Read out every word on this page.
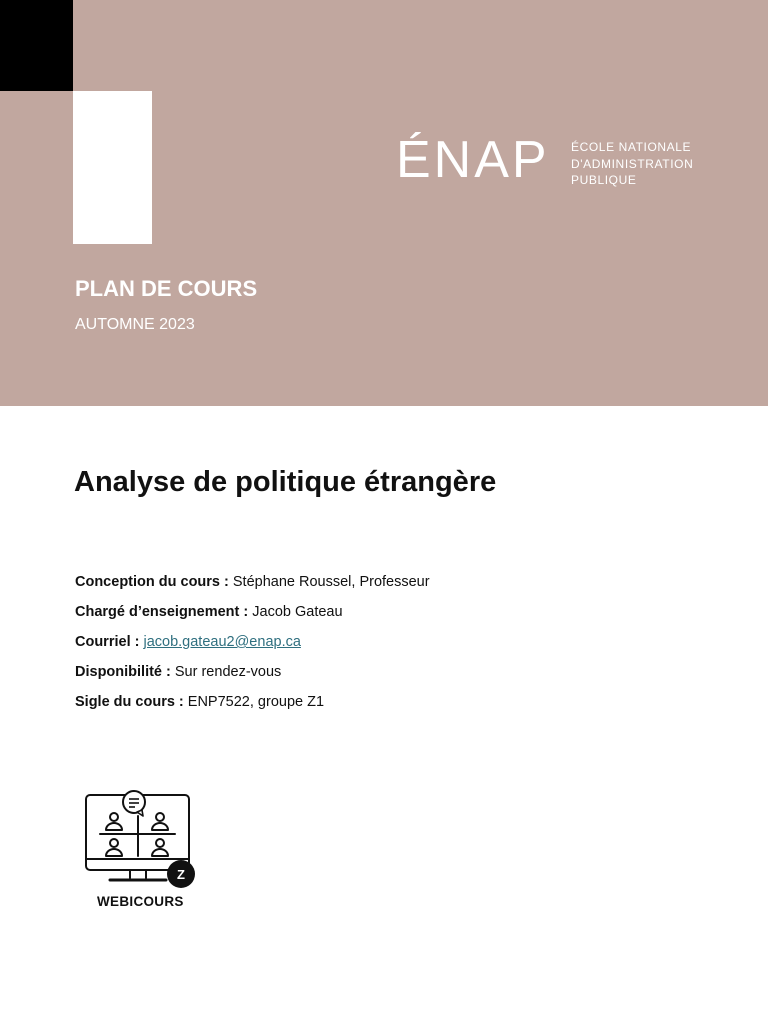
ÉNAP ÉCOLE NATIONALE
D'ADMINISTRATION
PUBLIQUE
PLAN DE COURS
AUTOMNE 2023
Analyse de politique étrangère
Conception du cours : Stéphane Roussel, Professeur
Chargé d’enseignement : Jacob Gateau
Courriel : jacob.gateau2@enap.ca
Disponibilité : Sur rendez-vous
Sigle du cours : ENP7522, groupe Z1
Z
WEBICOURS
